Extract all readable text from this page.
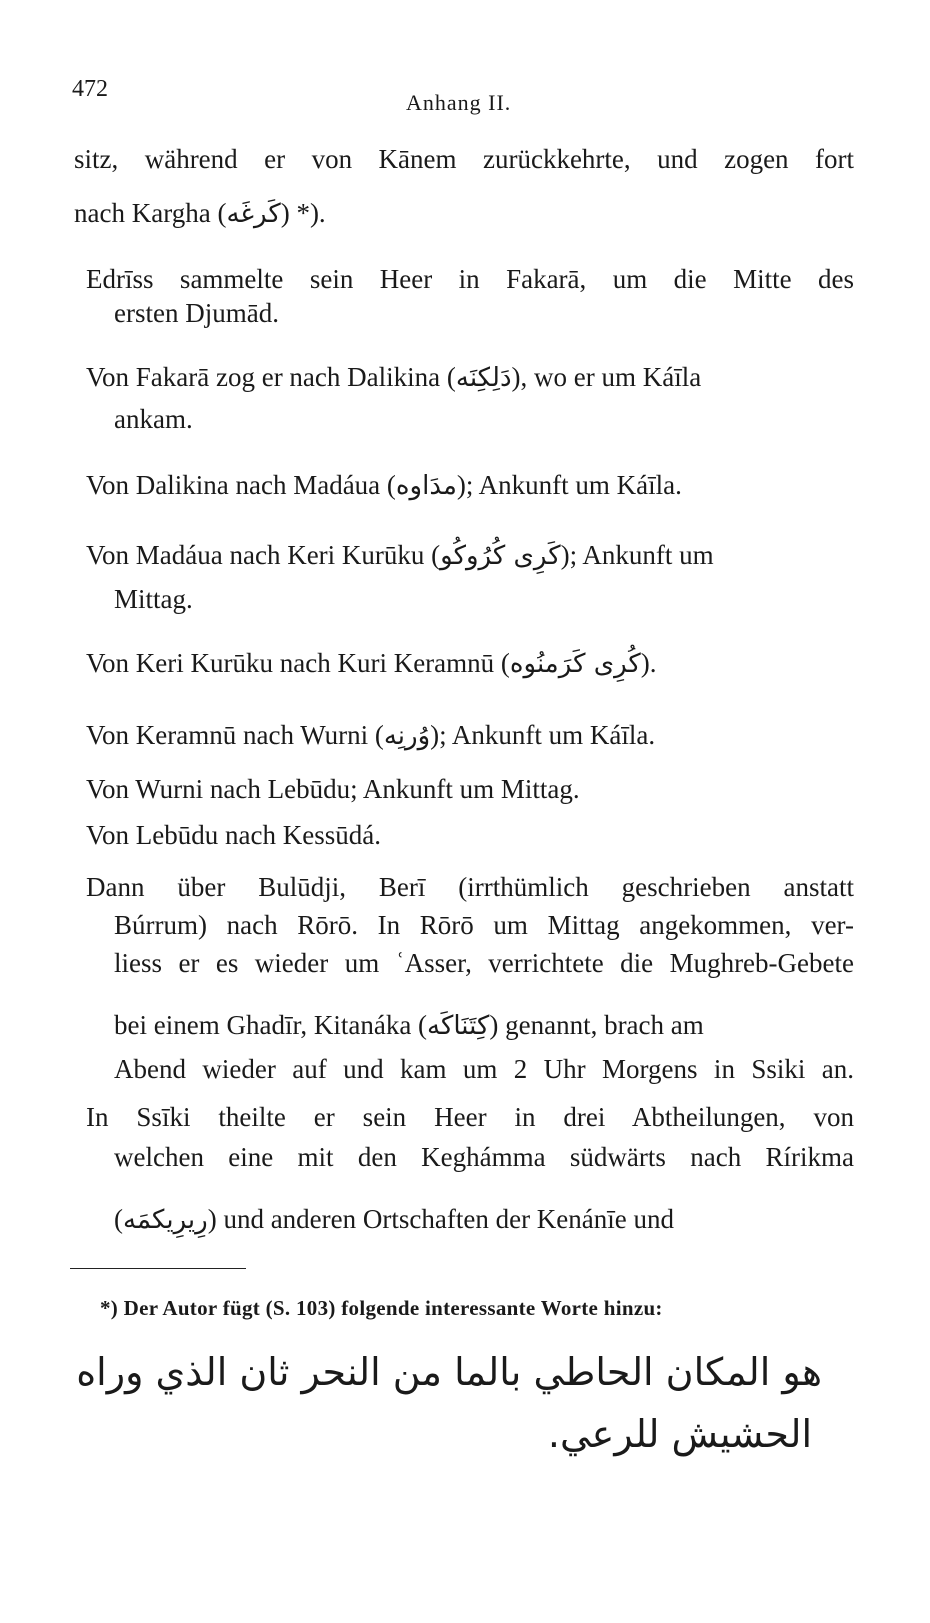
472
Anhang II.
sitz, während er von Kānem zurückkehrte, und zogen fort
nach Kargha (كَرغَه) *).
Edrīss sammelte sein Heer in Fakarā, um die Mitte des
ersten Djumād.
Von Fakarā zog er nach Dalikina (دَلِكِنَه), wo er um Káīla
ankam.
Von Dalikina nach Madáua (مدَاوه); Ankunft um Káīla.
Von Madáua nach Keri Kurūku (كَرِى كُرُوكُو); Ankunft um
Mittag.
Von Keri Kurūku nach Kuri Keramnū (كُرِى كَرَمنُوه).
Von Keramnū nach Wurni (وُرنِه); Ankunft um Káīla.
Von Wurni nach Lebūdu; Ankunft um Mittag.
Von Lebūdu nach Kessūdá.
Dann über Bulūdji, Berī (irrthümlich geschrieben anstatt
Búrrum) nach Rōrō. In Rōrō um Mittag angekommen, ver-
liess er es wieder um ʿAsser, verrichtete die Mughreb-Gebete
bei einem Ghadīr, Kitanáka (كِتَنَاكَه) genannt, brach am
Abend wieder auf und kam um 2 Uhr Morgens in Ssiki an.
In Ssīki theilte er sein Heer in drei Abtheilungen, von
welchen eine mit den Keghámma südwärts nach Rírikma
(رِيرِيكمَه) und anderen Ortschaften der Kenánīe und
*) Der Autor fügt (S. 103) folgende interessante Worte hinzu:
هو المكان الحاطي بالما من النحر ثان الذي وراه
الحشيش للرعي.
